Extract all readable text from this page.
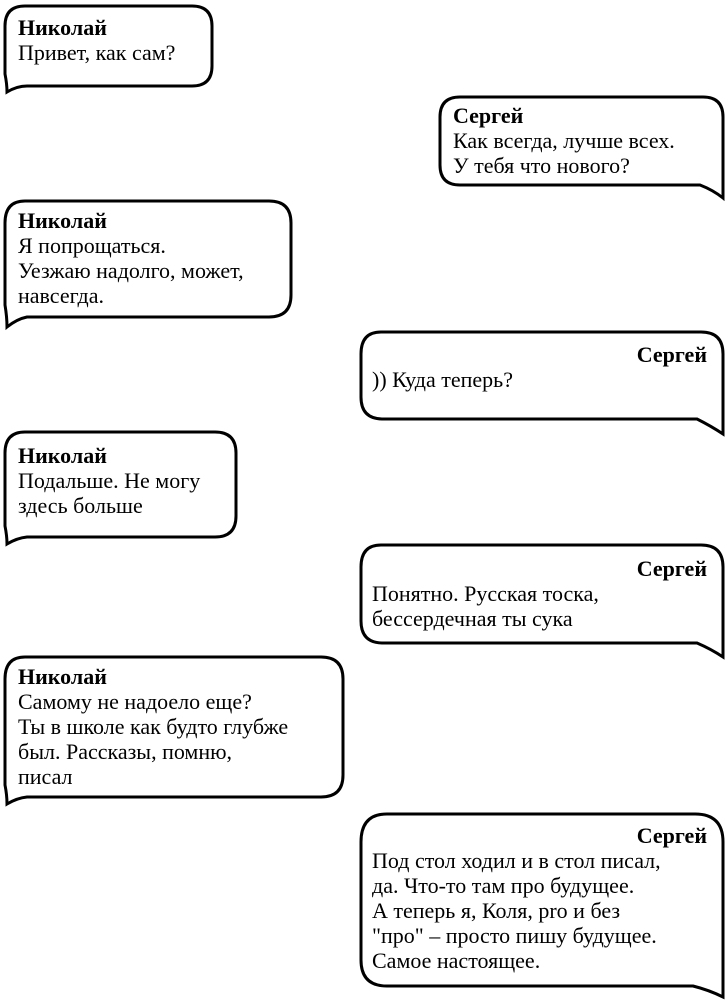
Николай
Привет, как сам?
Сергей
Как всегда, лучше всех.
У тебя что нового?
Николай
Я попрощаться.
Уезжаю надолго, может,
навсегда.
Сергей
)) Куда теперь?
Николай
Подальше. Не могу
здесь больше
Сергей
Понятно. Русская тоска,
бессердечная ты сука
Николай
Самому не надоело еще?
Ты в школе как будто глубже
был. Рассказы, помню,
писал
Сергей
Под стол ходил и в стол писал,
да. Что-то там про будущее.
А теперь я, Коля, pro и без
"про" – просто пишу будущее.
Самое настоящее.
